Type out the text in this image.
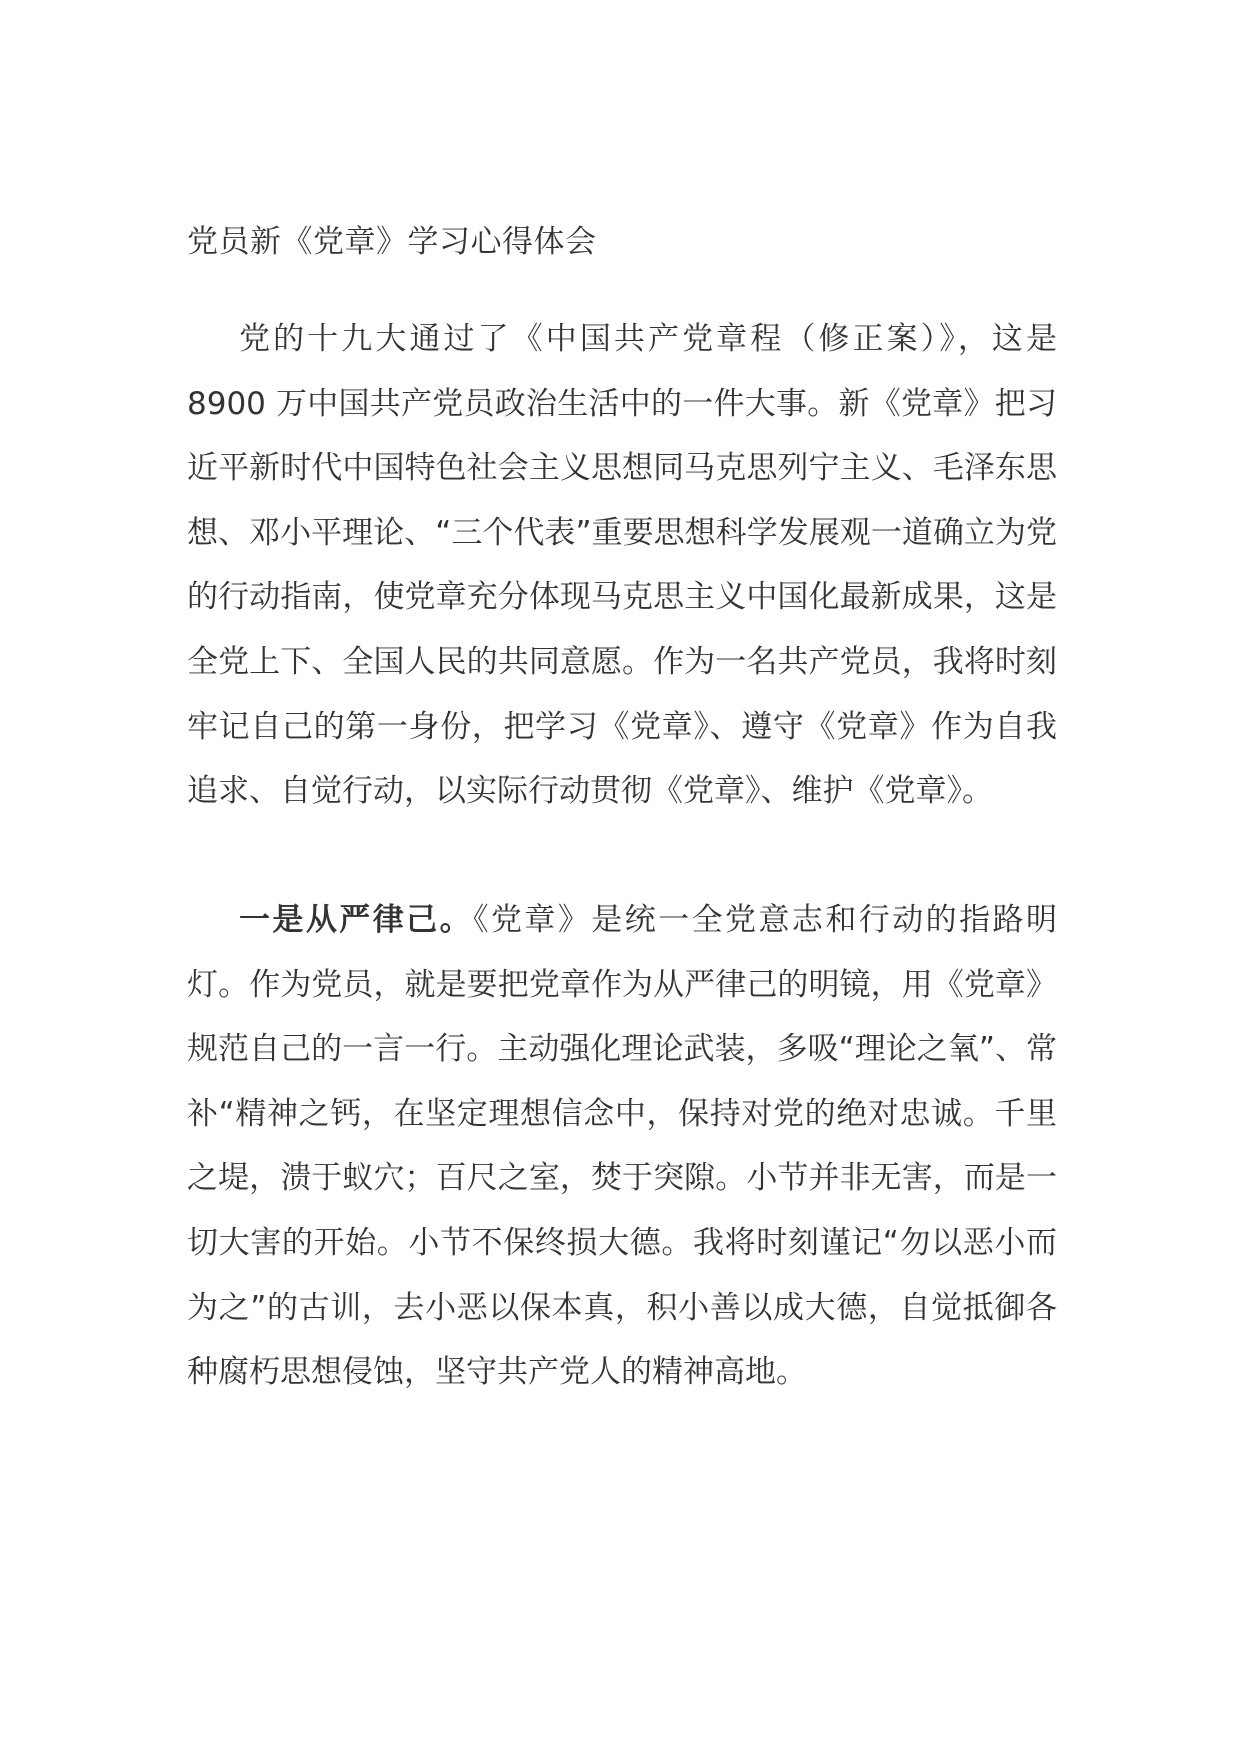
党员新《党章》学习心得体会

党的十九大通过了《中国共产党章程（修正案）》，这是 8900 万中国共产党员政治生活中的一件大事。新《党章》把习近平新时代中国特色社会主义思想同马克思列宁主义、毛泽东思想、邓小平理论、“三个代表”重要思想科学发展观一道确立为党的行动指南，使党章充分体现马克思主义中国化最新成果，这是全党上下、全国人民的共同意愿。作为一名共产党员，我将时刻牢记自己的第一身份，把学习《党章》、遵守《党章》作为自我追求、自觉行动，以实际行动贯彻《党章》、维护《党章》。

一是从严律己。《党章》是统一全党意志和行动的指路明灯。作为党员，就是要把党章作为从严律己的明镜，用《党章》规范自己的一言一行。主动强化理论武装，多吸“理论之氧”、常补“精神之钙，在坚定理想信念中，保持对党的绝对忠诚。千里之堤，溃于蚁穴；百尺之室，焚于突隙。小节并非无害，而是一切大害的开始。小节不保终损大德。我将时刻谨记“勿以恶小而为之”的古训，去小恶以保本真，积小善以成大德，自觉抵御各种腐朽思想侵蚀，坚守共产党人的精神高地。
